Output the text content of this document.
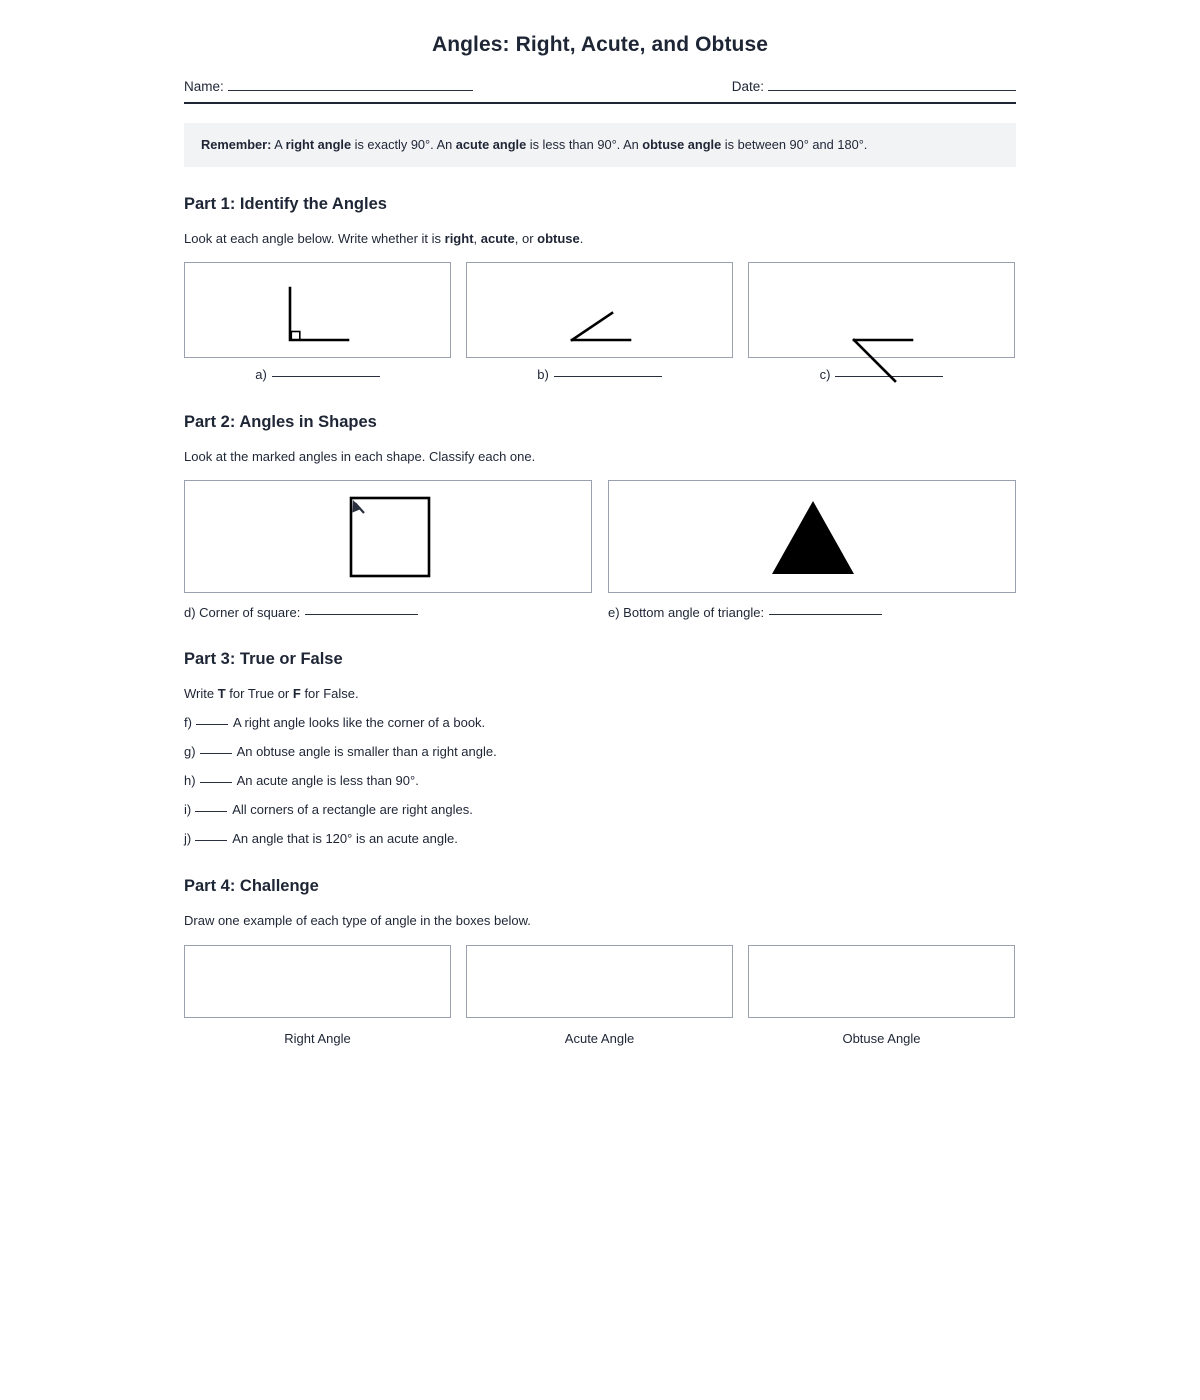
Angles: Right, Acute, and Obtuse
Name:	Date:
Remember: A right angle is exactly 90°. An acute angle is less than 90°. An obtuse angle is between 90° and 180°.
Part 1: Identify the Angles
Look at each angle below. Write whether it is right, acute, or obtuse.
a)	b)	c)
Part 2: Angles in Shapes
Look at the marked angles in each shape. Classify each one.
d) Corner of square:	e) Bottom angle of triangle:
Part 3: True or False
Write T for True or F for False.
f)	A right angle looks like the corner of a book.
g)	An obtuse angle is smaller than a right angle.
h)	An acute angle is less than 90°.
i)	All corners of a rectangle are right angles.
j)	An angle that is 120° is an acute angle.
Part 4: Challenge
Draw one example of each type of angle in the boxes below.
Right Angle	Acute Angle	Obtuse Angle
